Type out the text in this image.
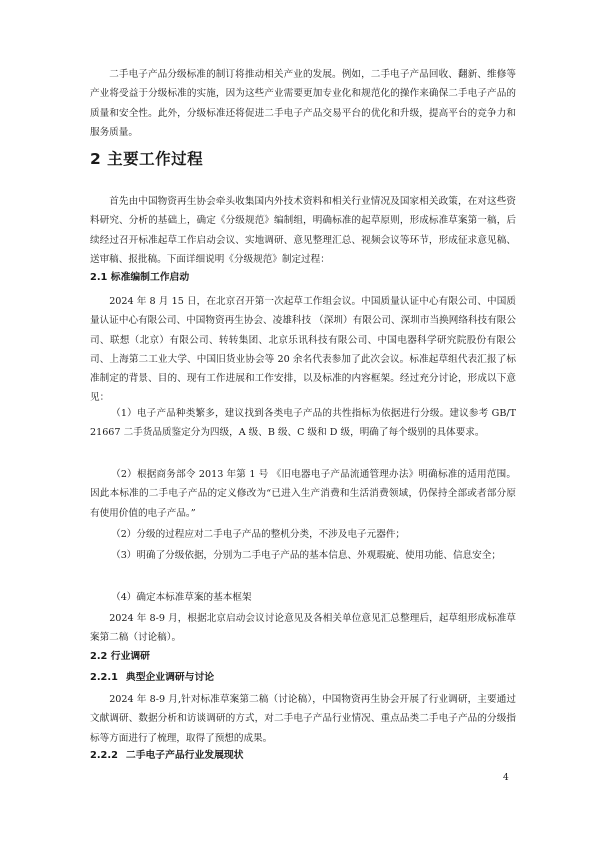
二手电子产品分级标准的制订将推动相关产业的发展。例如，二手电子产品回收、翻新、维修等产业将受益于分级标准的实施，因为这些产业需要更加专业化和规范化的操作来确保二手电子产品的质量和安全性。此外，分级标准还将促进二手电子产品交易平台的优化和升级，提高平台的竞争力和服务质量。

2 主要工作过程

首先由中国物资再生协会牵头收集国内外技术资料和相关行业情况及国家相关政策，在对这些资料研究、分析的基础上，确定《分级规范》编制组，明确标准的起草原则，形成标准草案第一稿，后续经过召开标准起草工作启动会议、实地调研、意见整理汇总、视频会议等环节，形成征求意见稿、送审稿、报批稿。下面详细说明《分级规范》制定过程：

2.1 标准编制工作启动

2024 年 8 月 15 日，在北京召开第一次起草工作组会议。中国质量认证中心有限公司、中国质量认证中心有限公司、中国物资再生协会、凌雄科技 （深圳）有限公司、深圳市当换网络科技有限公司、联想（北京）有限公司、转转集团、北京乐讯科技有限公司、中国电器科学研究院股份有限公司、上海第二工业大学、中国旧货业协会等 20 余名代表参加了此次会议。标准起草组代表汇报了标准制定的背景、目的、现有工作进展和工作安排，以及标准的内容框架。经过充分讨论，形成以下意见：

（1）电子产品种类繁多，建议找到各类电子产品的共性指标为依据进行分级。建议参考 GB/T 21667 二手货品质鉴定分为四级，A 级、B 级、C 级和 D 级，明确了每个级别的具体要求。

（2）根据商务部令 2013 年第 1 号 《旧电器电子产品流通管理办法》明确标准的适用范围。因此本标准的二手电子产品的定义修改为“已进入生产消费和生活消费领域，仍保持全部或者部分原有使用价值的电子产品。”

（2）分级的过程应对二手电子产品的整机分类，不涉及电子元器件；

（3）明确了分级依据，分别为二手电子产品的基本信息、外观瑕疵、使用功能、信息安全；

（4）确定本标准草案的基本框架

2024 年 8-9 月，根据北京启动会议讨论意见及各相关单位意见汇总整理后，起草组形成标准草案第二稿（讨论稿）。

2.2 行业调研
2.2.1 典型企业调研与讨论

2024 年 8-9 月,针对标准草案第二稿（讨论稿），中国物资再生协会开展了行业调研，主要通过文献调研、数据分析和访谈调研的方式，对二手电子产品行业情况、重点品类二手电子产品的分级指标等方面进行了梳理，取得了预想的成果。

2.2.2 二手电子产品行业发展现状

4
